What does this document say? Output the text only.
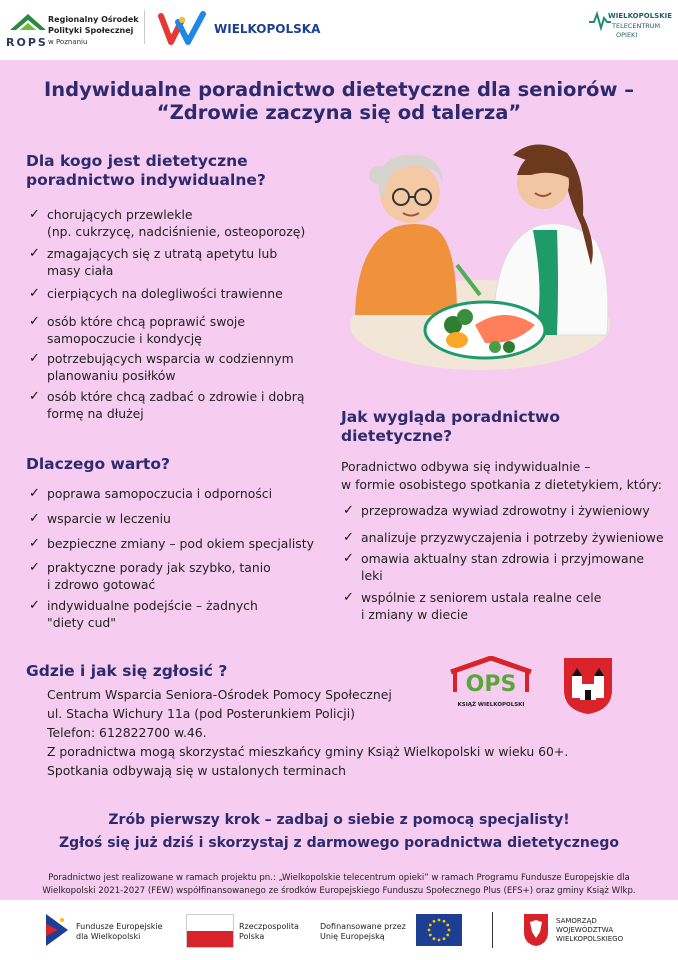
ROPS
Regionalny Ośrodek
Polityki Społecznej
w Poznaniu
WIELKOPOLSKA
WIELKOPOLSKIE
TELECENTRUM
OPIEKI
Indywidualne poradnictwo dietetyczne dla seniorów –
“Zdrowie zaczyna się od talerza”
Dla kogo jest dietetyczne
poradnictwo indywidualne?
✓ chorujących przewlekle
(np. cukrzycę, nadciśnienie, osteoporozę)
✓ zmagających się z utratą apetytu lub
masy ciała
✓ cierpiących na dolegliwości trawienne
✓ osób które chcą poprawić swoje
samopoczucie i kondycję
✓ potrzebujących wsparcia w codziennym
planowaniu posiłków
✓ osób które chcą zadbać o zdrowie i dobrą
formę na dłużej
Dlaczego warto?
✓ poprawa samopoczucia i odporności
✓ wsparcie w leczeniu
✓ bezpieczne zmiany – pod okiem specjalisty
✓ praktyczne porady jak szybko, tanio
i zdrowo gotować
✓ indywidualne podejście – żadnych
"diety cud"
Jak wygląda poradnictwo
dietetyczne?
Poradnictwo odbywa się indywidualnie –
w formie osobistego spotkania z dietetykiem, który:
✓ przeprowadza wywiad zdrowotny i żywieniowy
✓ analizuje przyzwyczajenia i potrzeby żywieniowe
✓ omawia aktualny stan zdrowia i przyjmowane
leki
✓ wspólnie z seniorem ustala realne cele
i zmiany w diecie
Gdzie i jak się zgłosić ?
Centrum Wsparcia Seniora-Ośrodek Pomocy Społecznej
ul. Stacha Wichury 11a (pod Posterunkiem Policji)
Telefon: 612822700 w.46.
Z poradnictwa mogą skorzystać mieszkańcy gminy Książ Wielkopolski w wieku 60+.
Spotkania odbywają się w ustalonych terminach
OPS
KSIĄŻ WIELKOPOLSKI
Zrób pierwszy krok – zadbaj o siebie z pomocą specjalisty!
Zgłoś się już dziś i skorzystaj z darmowego poradnictwa dietetycznego
Poradnictwo jest realizowane w ramach projektu pn.: „Wielkopolskie telecentrum opieki” w ramach Programu Fundusze Europejskie dla
Wielkopolski 2021-2027 (FEW) współfinansowanego ze środków Europejskiego Funduszu Społecznego Plus (EFS+) oraz gminy Książ Wlkp.
Fundusze Europejskie
dla Wielkopolski
Rzeczpospolita
Polska
Dofinansowane przez
Unię Europejską
SAMORZĄD
WOJEWÓDZTWA
WIELKOPOLSKIEGO
